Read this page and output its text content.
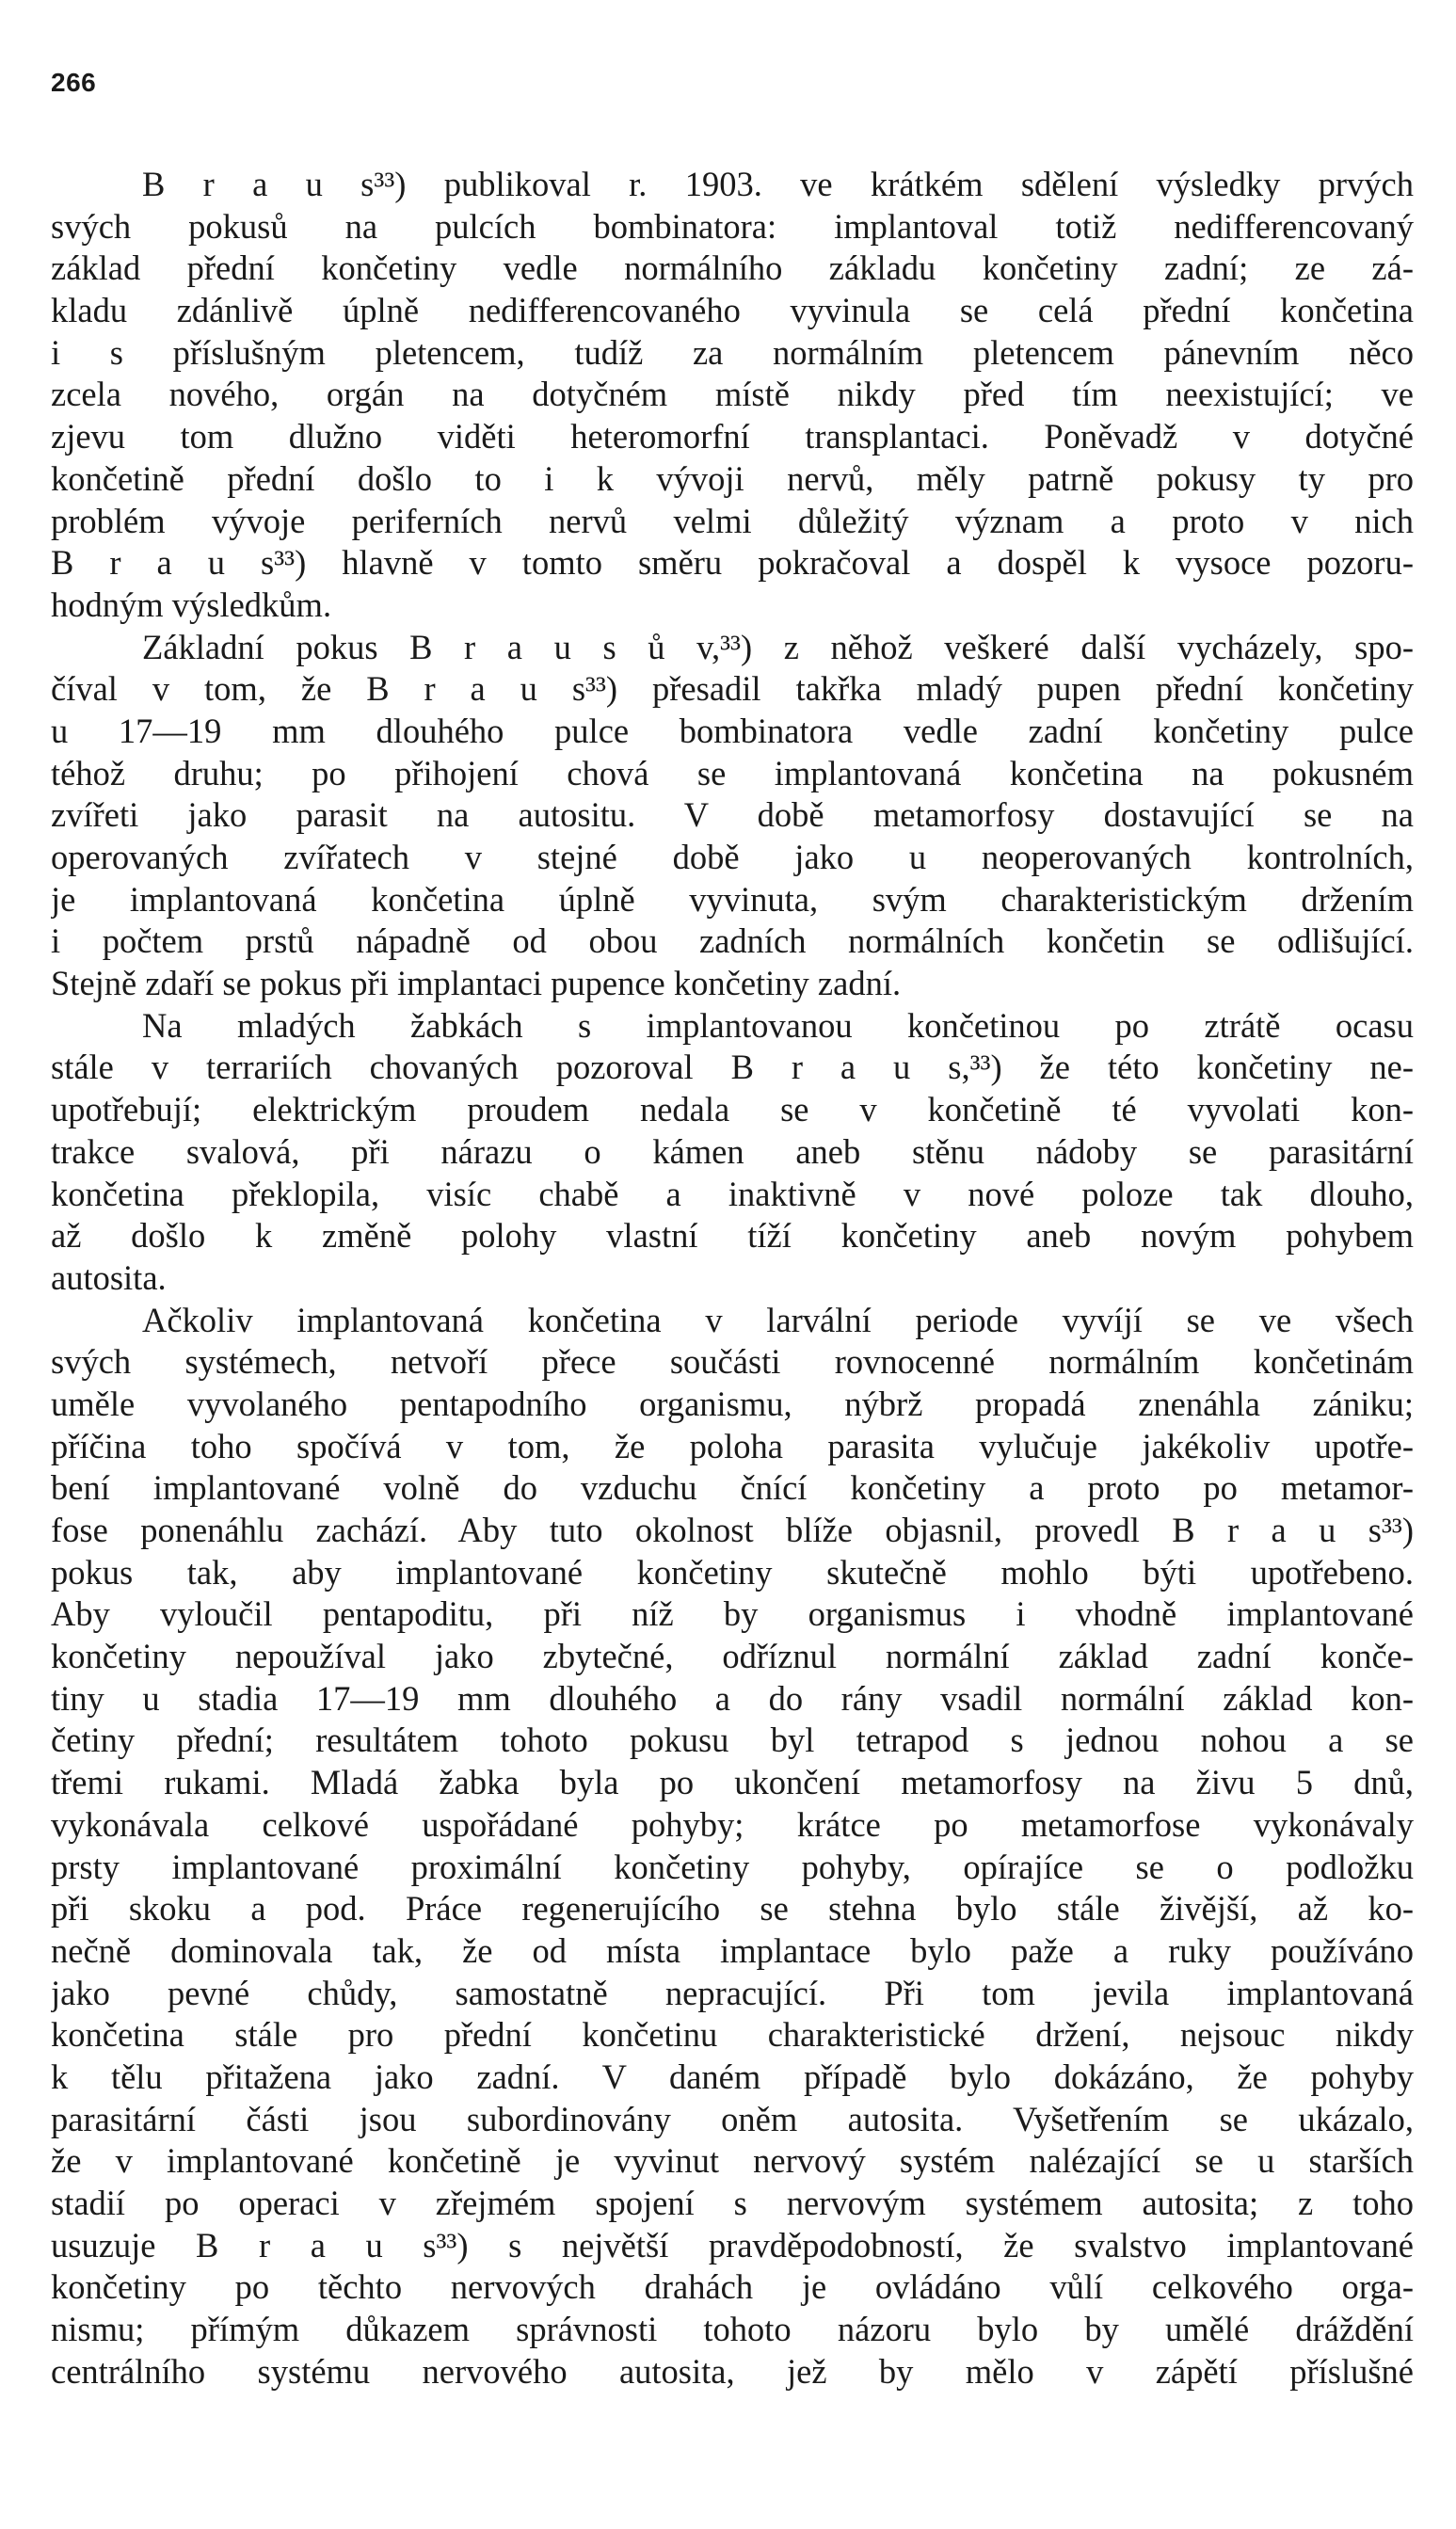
266
B r a u s³³) publikoval r. 1903. ve krátkém sdělení výsledky prvých
svých pokusů na pulcích bombinatora: implantoval totiž nedifferencovaný
základ přední končetiny vedle normálního základu končetiny zadní; ze zá-
kladu zdánlivě úplně nedifferencovaného vyvinula se celá přední končetina
i s příslušným pletencem, tudíž za normálním pletencem pánevním něco
zcela nového, orgán na dotyčném místě nikdy před tím neexistující; ve
zjevu tom dlužno viděti heteromorfní transplantaci. Poněvadž v dotyčné
končetině přední došlo to i k vývoji nervů, měly patrně pokusy ty pro
problém vývoje periferních nervů velmi důležitý význam a proto v nich
B r a u s³³) hlavně v tomto směru pokračoval a dospěl k vysoce pozoru-
hodným výsledkům.
Základní pokus B r a u s ů v,³³) z něhož veškeré další vycházely, spo-
číval v tom, že B r a u s³³) přesadil takřka mladý pupen přední končetiny
u 17—19 mm dlouhého pulce bombinatora vedle zadní končetiny pulce
téhož druhu; po přihojení chová se implantovaná končetina na pokusném
zvířeti jako parasit na autositu. V době metamorfosy dostavující se na
operovaných zvířatech v stejné době jako u neoperovaných kontrolních,
je implantovaná končetina úplně vyvinuta, svým charakteristickým držením
i počtem prstů nápadně od obou zadních normálních končetin se odlišující.
Stejně zdaří se pokus při implantaci pupence končetiny zadní.
Na mladých žabkách s implantovanou končetinou po ztrátě ocasu
stále v terrariích chovaných pozoroval B r a u s,³³) že této končetiny ne-
upotřebují; elektrickým proudem nedala se v končetině té vyvolati kon-
trakce svalová, při nárazu o kámen aneb stěnu nádoby se parasitární
končetina překlopila, visíc chabě a inaktivně v nové poloze tak dlouho,
až došlo k změně polohy vlastní tíží končetiny aneb novým pohybem
autosita.
Ačkoliv implantovaná končetina v larvální periode vyvíjí se ve všech
svých systémech, netvoří přece součásti rovnocenné normálním končetinám
uměle vyvolaného pentapodního organismu, nýbrž propadá znenáhla zániku;
příčina toho spočívá v tom, že poloha parasita vylučuje jakékoliv upotře-
bení implantované volně do vzduchu čnící končetiny a proto po metamor-
fose ponenáhlu zachází. Aby tuto okolnost blíže objasnil, provedl B r a u s³³)
pokus tak, aby implantované končetiny skutečně mohlo býti upotřebeno.
Aby vyloučil pentapoditu, při níž by organismus i vhodně implantované
končetiny nepoužíval jako zbytečné, odříznul normální základ zadní konče-
tiny u stadia 17—19 mm dlouhého a do rány vsadil normální základ kon-
četiny přední; resultátem tohoto pokusu byl tetrapod s jednou nohou a se
třemi rukami. Mladá žabka byla po ukončení metamorfosy na živu 5 dnů,
vykonávala celkové uspořádané pohyby; krátce po metamorfose vykonávaly
prsty implantované proximální končetiny pohyby, opírajíce se o podložku
při skoku a pod. Práce regenerujícího se stehna bylo stále živější, až ko-
nečně dominovala tak, že od místa implantace bylo paže a ruky používáno
jako pevné chůdy, samostatně nepracující. Při tom jevila implantovaná
končetina stále pro přední končetinu charakteristické držení, nejsouc nikdy
k tělu přitažena jako zadní. V daném případě bylo dokázáno, že pohyby
parasitární části jsou subordinovány oněm autosita. Vyšetřením se ukázalo,
že v implantované končetině je vyvinut nervový systém nalézající se u starších
stadií po operaci v zřejmém spojení s nervovým systémem autosita; z toho
usuzuje B r a u s³³) s největší pravděpodobností, že svalstvo implantované
končetiny po těchto nervových drahách je ovládáno vůlí celkového orga-
nismu; přímým důkazem správnosti tohoto názoru bylo by umělé dráždění
centrálního systému nervového autosita, jež by mělo v zápětí příslušné
